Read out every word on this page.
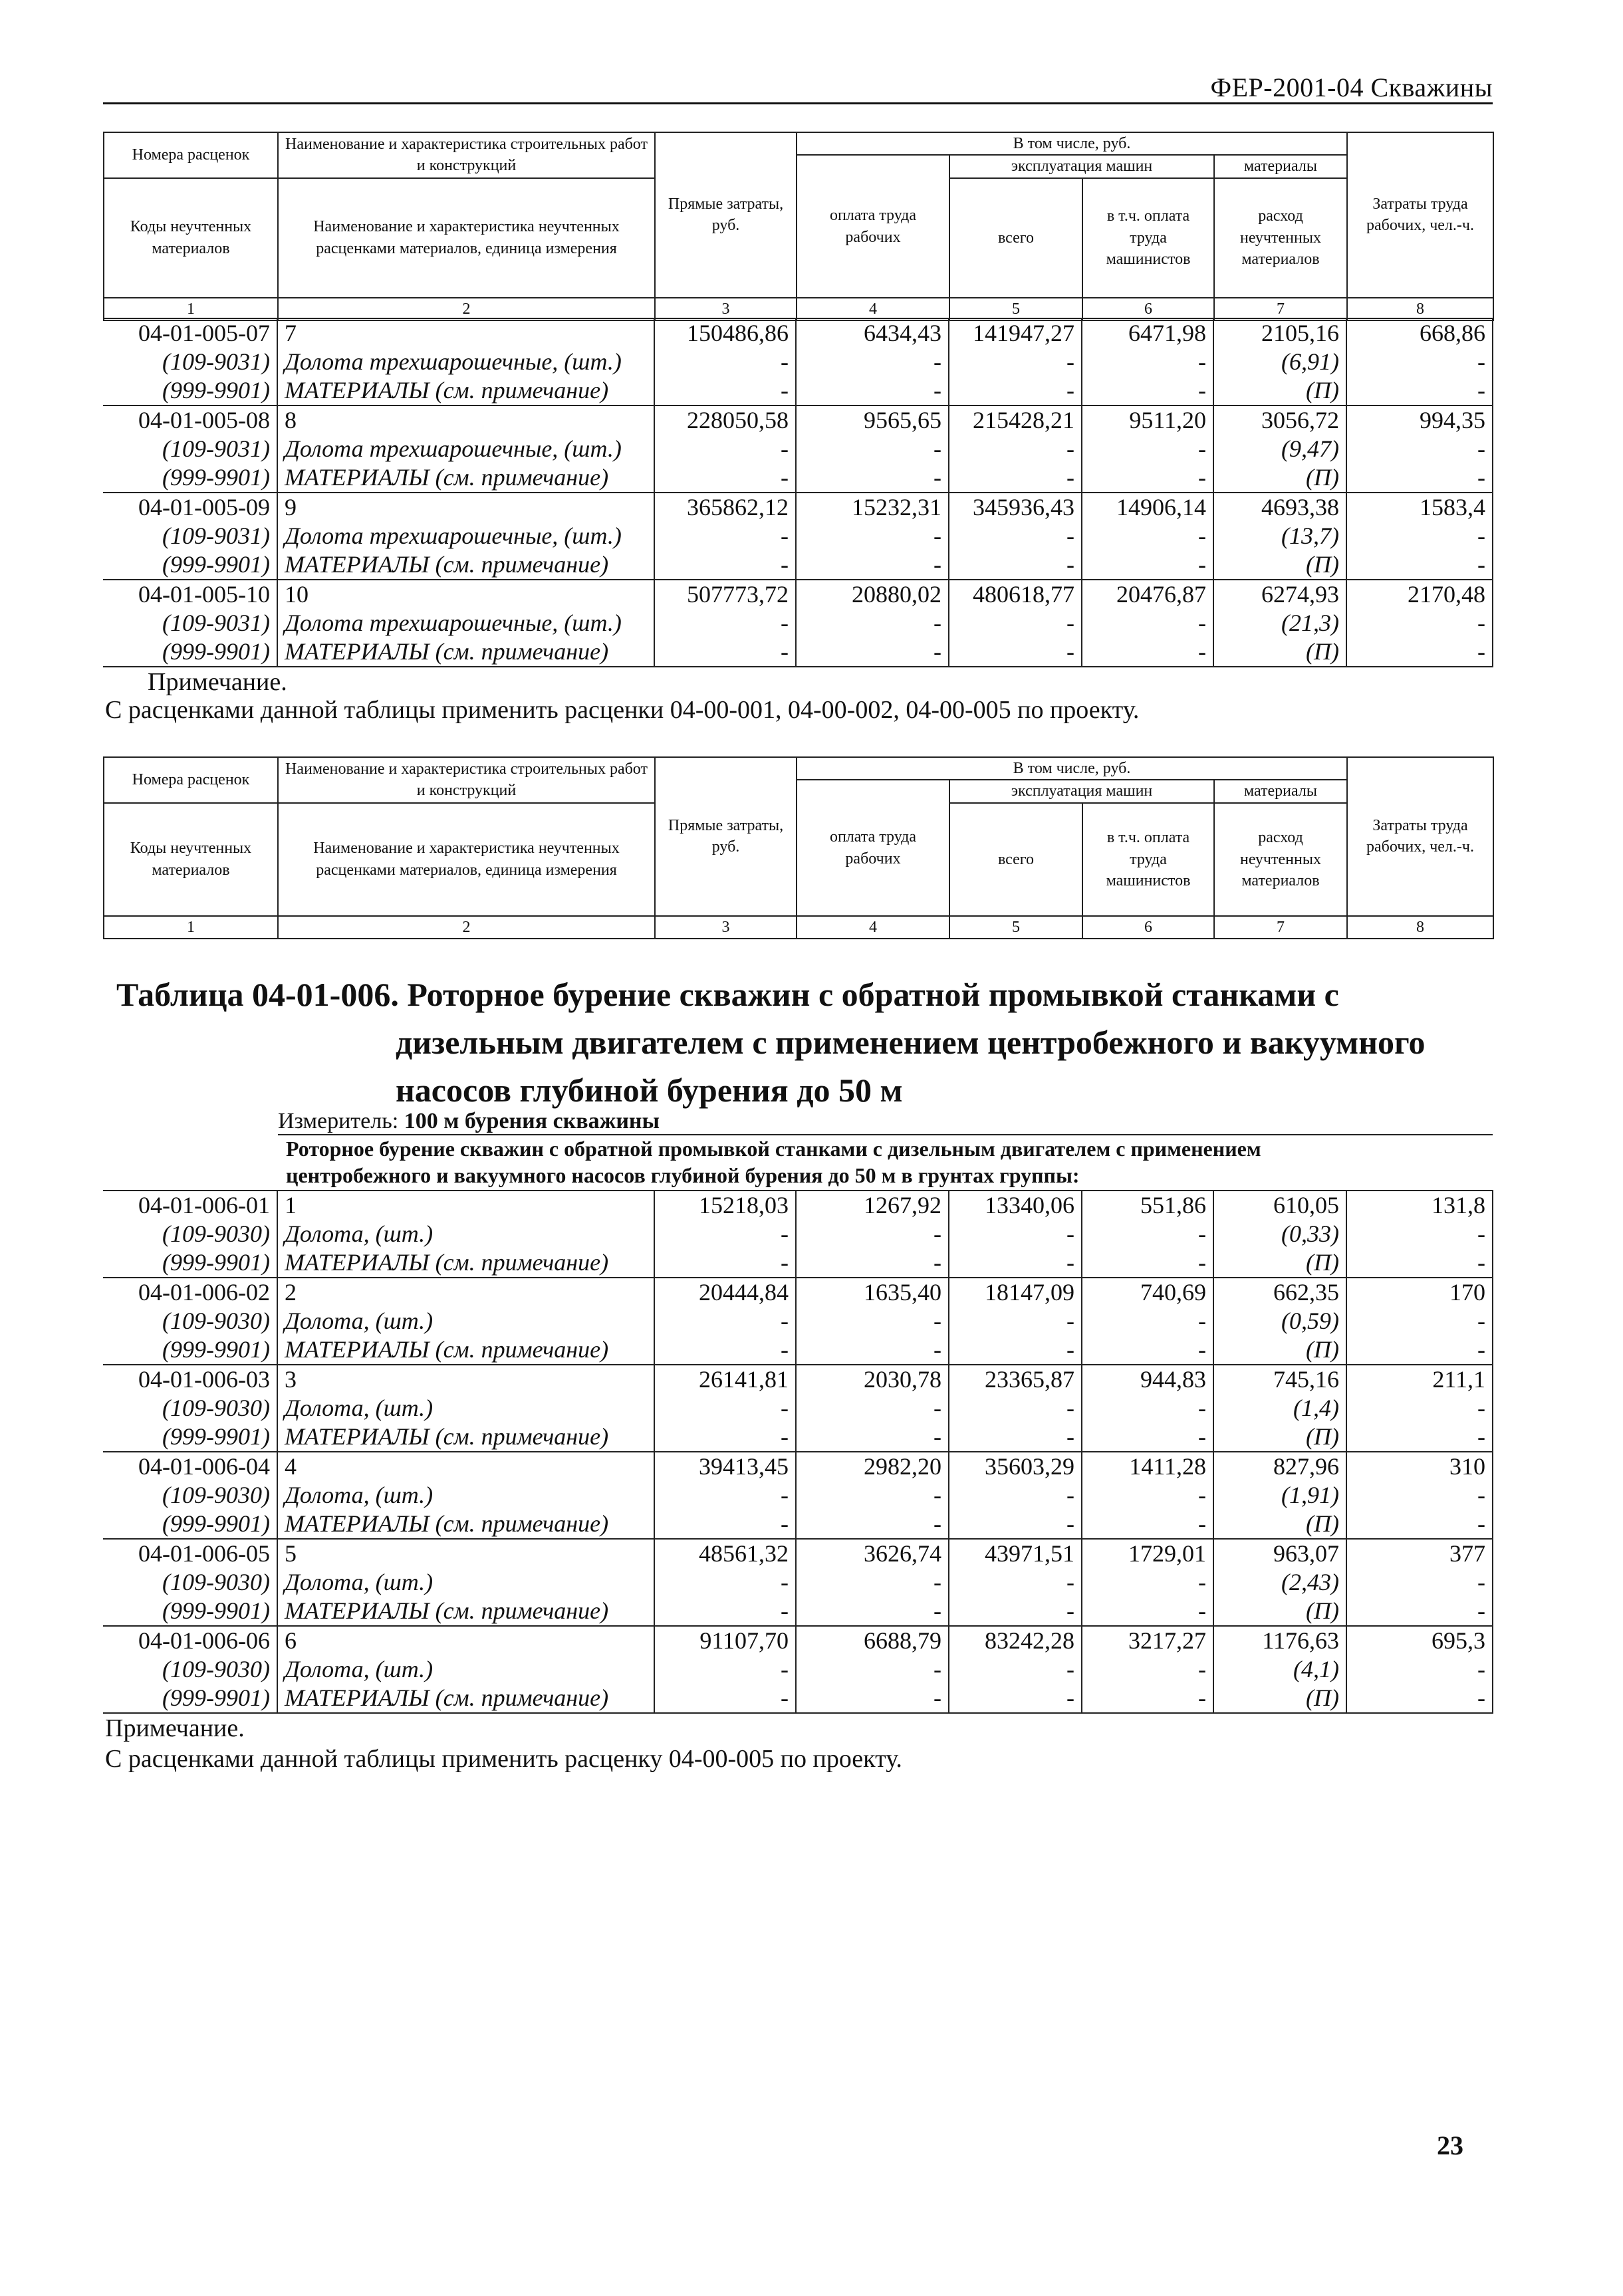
ФЕР-2001-04 Скважины
Номера расценок	Наименование и характеристика строительных работ и конструкций	Прямые затраты, руб.	В том числе, руб.				Затраты труда рабочих, чел.-ч.
			оплата труда рабочих	эксплуатация машин		материалы	
Коды неучтенных материалов	Наименование и характеристика неучтенных расценками материалов, единица измерения			всего	в т.ч. оплата труда машинистов	расход неучтенных материалов	

1	2	3	4	5	6	7	8
04-01-005-07	7	150486,86	6434,43	141947,27	6471,98	2105,16	668,86
(109-9031)	Долота трехшарошечные, (шт.)	-	-	-	-	(6,91)	-
(999-9901)	МАТЕРИАЛЫ (см. примечание)	-	-	-	-	(П)	-
04-01-005-08	8	228050,58	9565,65	215428,21	9511,20	3056,72	994,35
(109-9031)	Долота трехшарошечные, (шт.)	-	-	-	-	(9,47)	-
(999-9901)	МАТЕРИАЛЫ (см. примечание)	-	-	-	-	(П)	-
04-01-005-09	9	365862,12	15232,31	345936,43	14906,14	4693,38	1583,4
(109-9031)	Долота трехшарошечные, (шт.)	-	-	-	-	(13,7)	-
(999-9901)	МАТЕРИАЛЫ (см. примечание)	-	-	-	-	(П)	-
04-01-005-10	10	507773,72	20880,02	480618,77	20476,87	6274,93	2170,48
(109-9031)	Долота трехшарошечные, (шт.)	-	-	-	-	(21,3)	-
(999-9901)	МАТЕРИАЛЫ (см. примечание)	-	-	-	-	(П)	-
Примечание.
С расценками данной таблицы применить расценки 04-00-001, 04-00-002, 04-00-005 по проекту.
Номера расценок	Наименование и характеристика строительных работ и конструкций	Прямые затраты, руб.	В том числе, руб.				Затраты труда рабочих, чел.-ч.
			оплата труда рабочих	эксплуатация машин		материалы	
Коды неучтенных материалов	Наименование и характеристика неучтенных расценками материалов, единица измерения			всего	в т.ч. оплата труда машинистов	расход неучтенных материалов	

1	2	3	4	5	6	7	8
Таблица 04-01-006. Роторное бурение скважин с обратной промывкой станками с
дизельным двигателем с применением центробежного и вакуумного
насосов глубиной бурения до 50 м
Измеритель: 100 м бурения скважины
Роторное бурение скважин с обратной промывкой станками с дизельным двигателем с применением
центробежного и вакуумного насосов глубиной бурения до 50 м в грунтах группы:
04-01-006-01	1	15218,03	1267,92	13340,06	551,86	610,05	131,8
(109-9030)	Долота, (шт.)	-	-	-	-	(0,33)	-
(999-9901)	МАТЕРИАЛЫ (см. примечание)	-	-	-	-	(П)	-
04-01-006-02	2	20444,84	1635,40	18147,09	740,69	662,35	170
(109-9030)	Долота, (шт.)	-	-	-	-	(0,59)	-
(999-9901)	МАТЕРИАЛЫ (см. примечание)	-	-	-	-	(П)	-
04-01-006-03	3	26141,81	2030,78	23365,87	944,83	745,16	211,1
(109-9030)	Долота, (шт.)	-	-	-	-	(1,4)	-
(999-9901)	МАТЕРИАЛЫ (см. примечание)	-	-	-	-	(П)	-
04-01-006-04	4	39413,45	2982,20	35603,29	1411,28	827,96	310
(109-9030)	Долота, (шт.)	-	-	-	-	(1,91)	-
(999-9901)	МАТЕРИАЛЫ (см. примечание)	-	-	-	-	(П)	-
04-01-006-05	5	48561,32	3626,74	43971,51	1729,01	963,07	377
(109-9030)	Долота, (шт.)	-	-	-	-	(2,43)	-
(999-9901)	МАТЕРИАЛЫ (см. примечание)	-	-	-	-	(П)	-
04-01-006-06	6	91107,70	6688,79	83242,28	3217,27	1176,63	695,3
(109-9030)	Долота, (шт.)	-	-	-	-	(4,1)	-
(999-9901)	МАТЕРИАЛЫ (см. примечание)	-	-	-	-	(П)	-
Примечание.
С расценками данной таблицы применить расценку 04-00-005 по проекту.
23
